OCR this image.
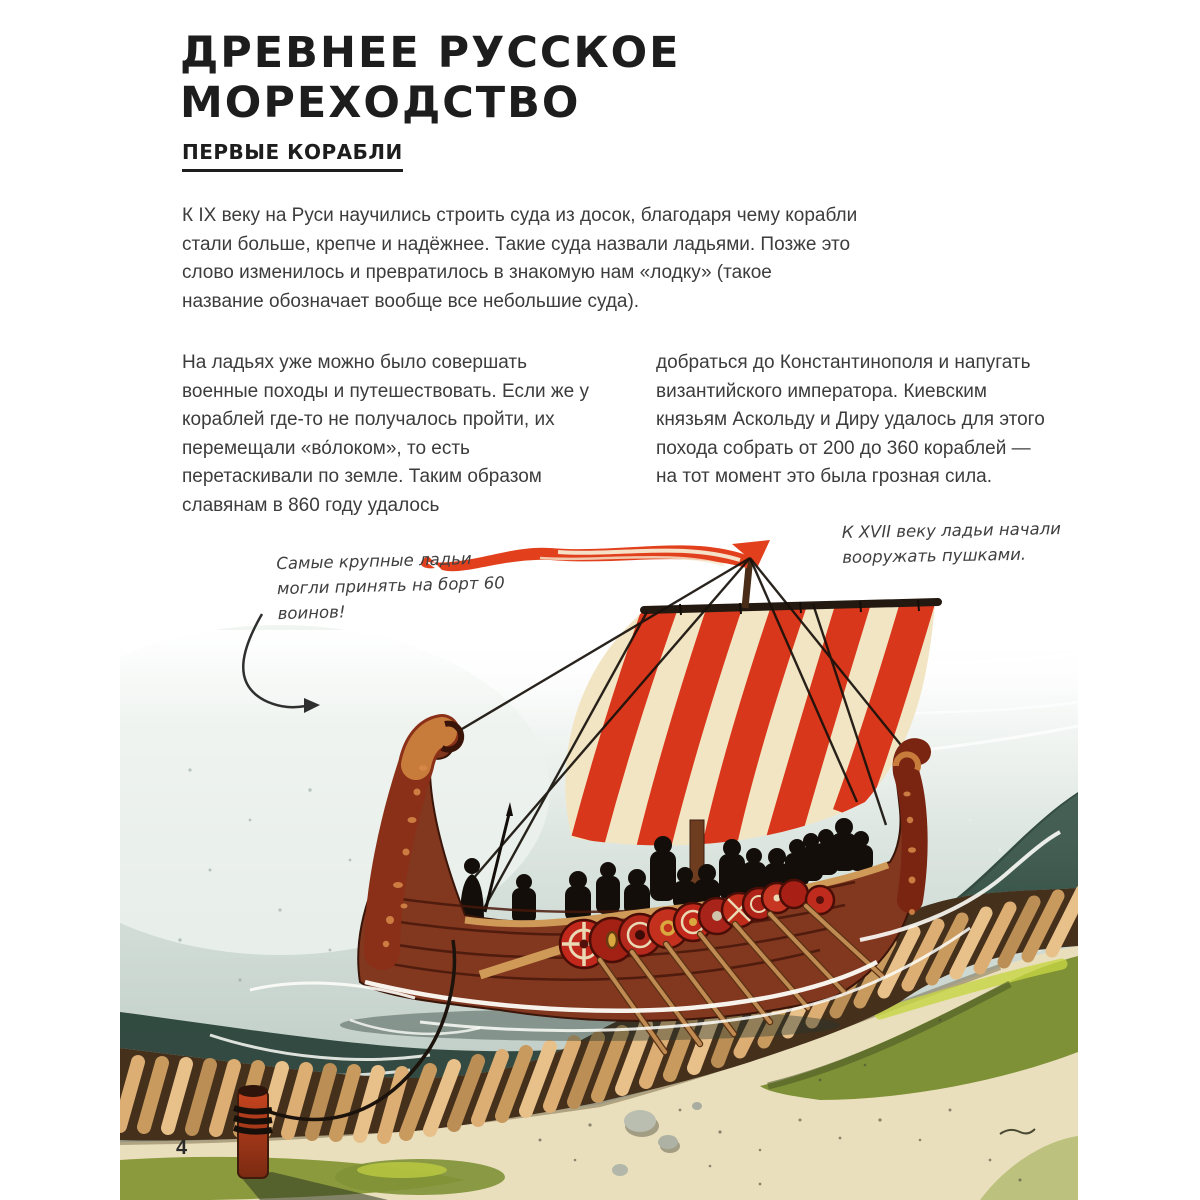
ДРЕВНЕЕ РУССКОЕ
МОРЕХОДСТВО
ПЕРВЫЕ КОРАБЛИ
К IX веку на Руси научились строить суда из досок, благодаря чему корабли стали больше, крепче и надёжнее. Такие суда назвали ладьями. Позже это слово изменилось и превратилось в знакомую нам «лодку» (такое название обозначает вообще все небольшие суда).
На ладьях уже можно было совершать военные походы и путешествовать. Если же у кораблей где-то не получалось пройти, их перемещали «во́локом», то есть перетаскивали по земле. Таким образом славянам в 860 году удалось
добраться до Константинополя и напугать византийского императора. Киевским князьям Аскольду и Диру удалось для этого похода собрать от 200 до 360 кораблей — на тот момент это была грозная сила.
Самые крупные ладьи могли принять на борт 60 воинов!
К XVII веку ладьи начали вооружать пушками.
4
